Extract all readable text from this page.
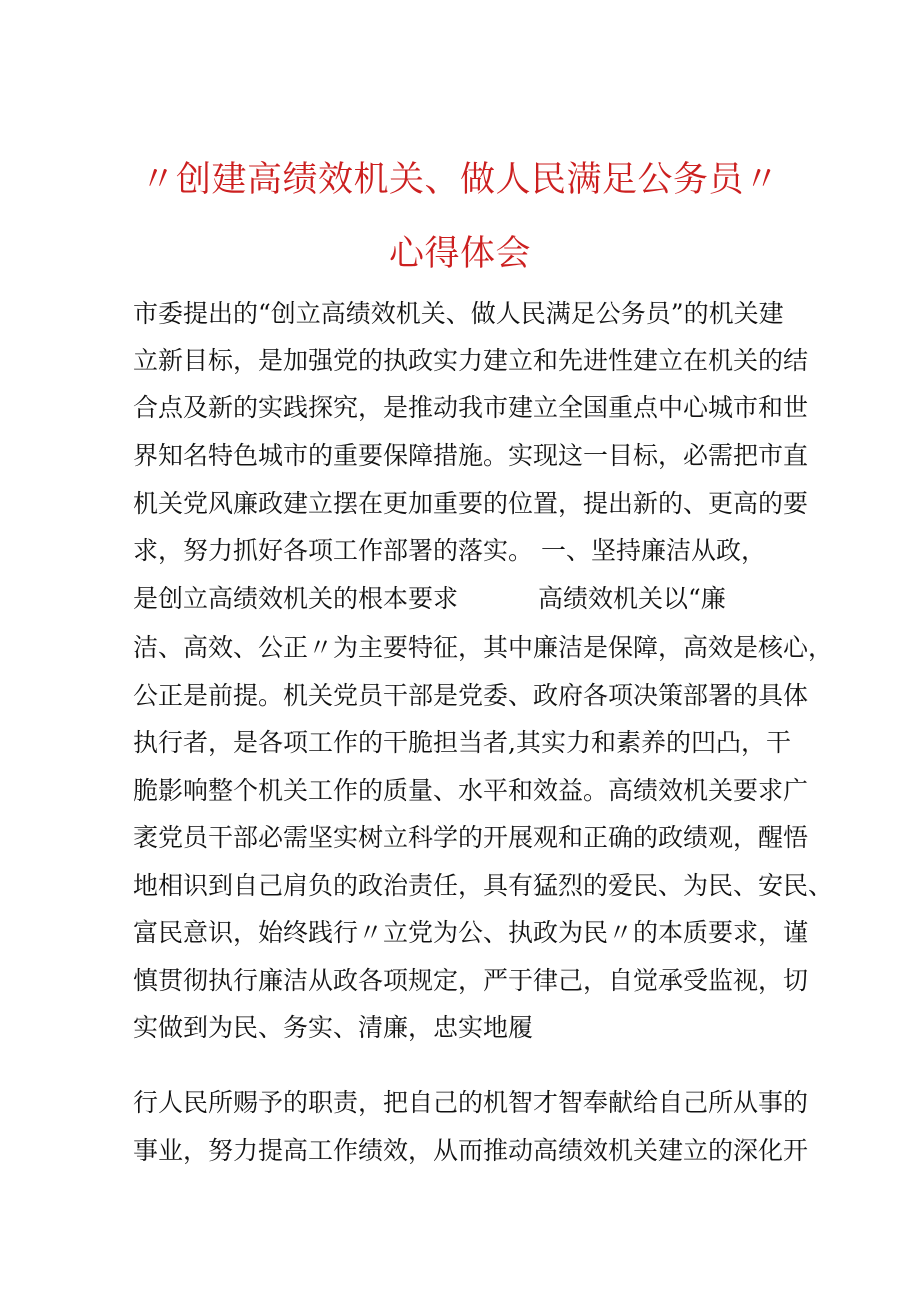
〃创建高绩效机关、做人民满足公务员〃
心得体会
市委提出的“创立高绩效机关、做人民满足公务员”的机关建
立新目标，是加强党的执政实力建立和先进性建立在机关的结
合点及新的实践探究，是推动我市建立全国重点中心城市和世
界知名特色城市的重要保障措施。实现这一目标，必需把市直
机关党风廉政建立摆在更加重要的位置，提出新的、更高的要
求，努力抓好各项工作部署的落实。 一、坚持廉洁从政，
是创立高绩效机关的根本要求	高绩效机关以“廉
洁、高效、公正〃为主要特征，其中廉洁是保障，高效是核心，
公正是前提。机关党员干部是党委、政府各项决策部署的具体
执行者，是各项工作的干脆担当者,其实力和素养的凹凸，干
脆影响整个机关工作的质量、水平和效益。高绩效机关要求广
袤党员干部必需坚实树立科学的开展观和正确的政绩观，醒悟
地相识到自己肩负的政治责任，具有猛烈的爱民、为民、安民、
富民意识，始终践行〃立党为公、执政为民〃的本质要求，谨
慎贯彻执行廉洁从政各项规定，严于律己，自觉承受监视，切
实做到为民、务实、清廉，忠实地履
行人民所赐予的职责，把自己的机智才智奉献给自己所从事的
事业，努力提高工作绩效，从而推动高绩效机关建立的深化开
